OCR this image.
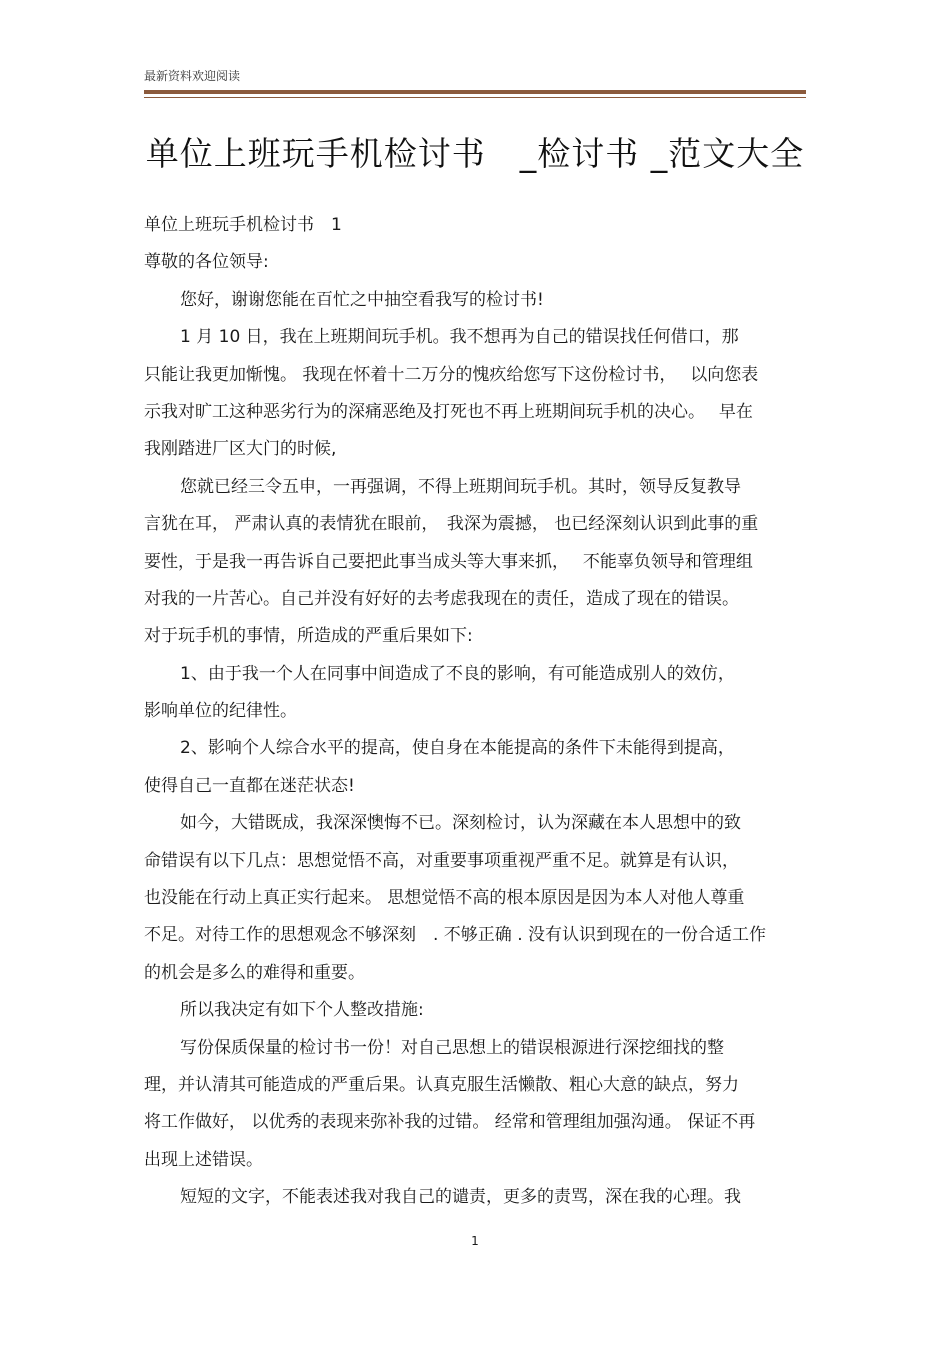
最新资料欢迎阅读
单位上班玩手机检讨书　_检讨书 _范文大全
单位上班玩手机检讨书　1
尊敬的各位领导:
您好，谢谢您能在百忙之中抽空看我写的检讨书!
1 月 10 日，我在上班期间玩手机。我不想再为自己的错误找任何借口，那
只能让我更加惭愧。 我现在怀着十二万分的愧疚给您写下这份检讨书，　 以向您表
示我对旷工这种恶劣行为的深痛恶绝及打死也不再上班期间玩手机的决心。　 早在
我刚踏进厂区大门的时候,
您就已经三令五申，一再强调，不得上班期间玩手机。其时，领导反复教导
言犹在耳， 严肃认真的表情犹在眼前，　我深为震撼， 也已经深刻认识到此事的重
要性，于是我一再告诉自己要把此事当成头等大事来抓，　 不能辜负领导和管理组
对我的一片苦心。自己并没有好好的去考虑我现在的责任，造成了现在的错误。
对于玩手机的事情，所造成的严重后果如下:
1、由于我一个人在同事中间造成了不良的影响，有可能造成别人的效仿，
影响单位的纪律性。
2、影响个人综合水平的提高，使自身在本能提高的条件下未能得到提高，
使得自己一直都在迷茫状态!
如今，大错既成，我深深懊悔不已。深刻检讨，认为深藏在本人思想中的致
命错误有以下几点：思想觉悟不高，对重要事项重视严重不足。就算是有认识，
也没能在行动上真正实行起来。 思想觉悟不高的根本原因是因为本人对他人尊重
不足。对待工作的思想观念不够深刻　. 不够正确 . 没有认识到现在的一份合适工作
的机会是多么的难得和重要。
所以我决定有如下个人整改措施:
写份保质保量的检讨书一份！对自己思想上的错误根源进行深挖细找的整
理，并认清其可能造成的严重后果。认真克服生活懒散、粗心大意的缺点，努力
将工作做好， 以优秀的表现来弥补我的过错。 经常和管理组加强沟通。 保证不再
出现上述错误。
短短的文字，不能表述我对我自己的谴责，更多的责骂，深在我的心理。我
1
